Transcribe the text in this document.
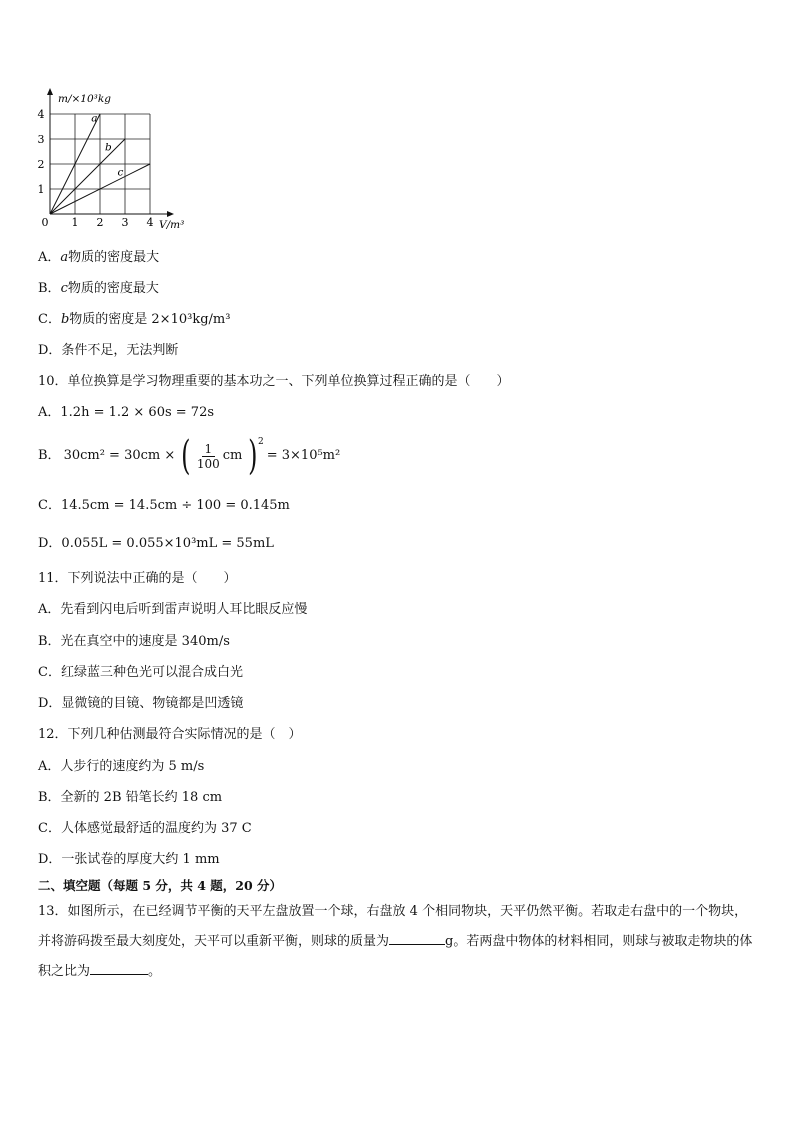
0 1 2 3 4
1
2
3
4
m/×10³kg
V/m³
a
b
c
A．a物质的密度最大
B．c物质的密度最大
C．b物质的密度是 2×10³kg/m³
D．条件不足，无法判断
10．单位换算是学习物理重要的基本功之一、下列单位换算过程正确的是（　　）
A．1.2h = 1.2 × 60s = 72s
B． 30cm² = 30cm × ( $\frac{1}{100}$ cm )$^2$
= 3×10⁵m²
C．14.5cm = 14.5cm ÷ 100 = 0.145m
D．0.055L = 0.055×10³mL = 55mL
11．下列说法中正确的是（　　）
A．先看到闪电后听到雷声说明人耳比眼反应慢
B．光在真空中的速度是 340m/s
C．红绿蓝三种色光可以混合成白光
D．显微镜的目镜、物镜都是凹透镜
12．下列几种估测最符合实际情况的是（　）
A．人步行的速度约为 5 m/s
B．全新的 2B 铅笔长约 18 cm
C．人体感觉最舒适的温度约为 37 C
D．一张试卷的厚度大约 1 mm
二、填空题（每题 5 分，共 4 题，20 分）
13．如图所示，在已经调节平衡的天平左盘放置一个球，右盘放 4 个相同物块，天平仍然平衡。若取走右盘中的一个物块，并将游码拨至最大刻度处，天平可以重新平衡，则球的质量为	g。若两盘中物体的材料相同，则球与被取走物块的体积之比为	。
